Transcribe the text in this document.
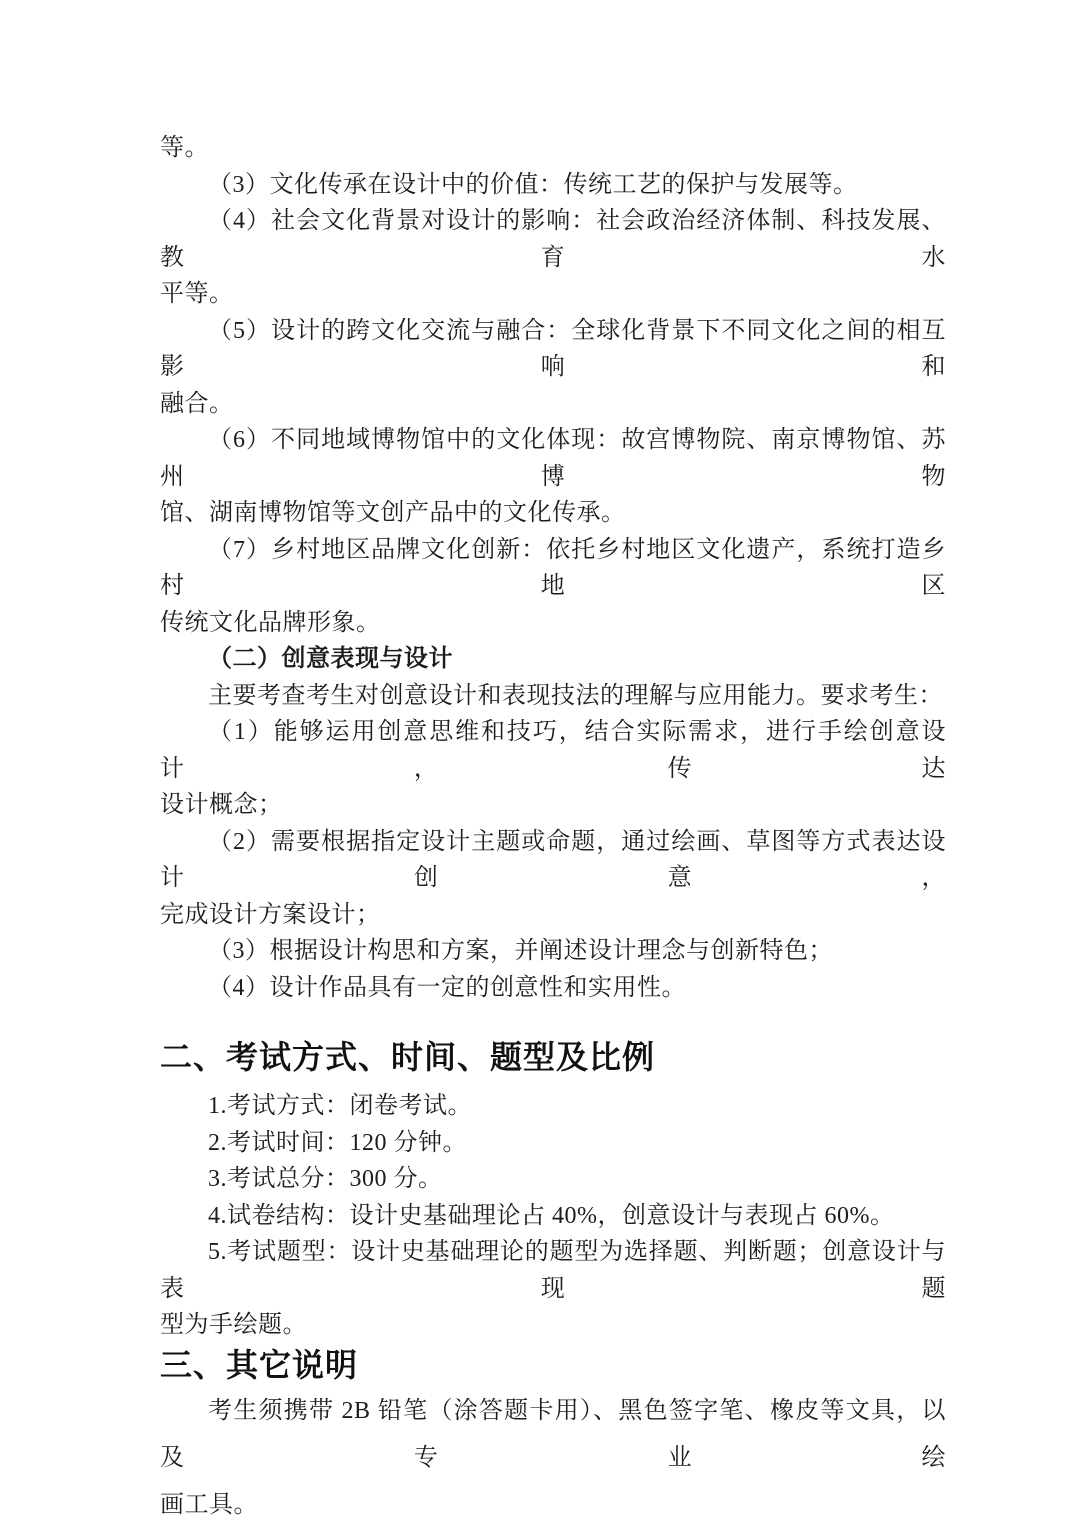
等。
（3）文化传承在设计中的价值：传统工艺的保护与发展等。
（4）社会文化背景对设计的影响：社会政治经济体制、科技发展、教育水
平等。
（5）设计的跨文化交流与融合：全球化背景下不同文化之间的相互影响和
融合。
（6）不同地域博物馆中的文化体现：故宫博物院、南京博物馆、苏州博物
馆、湖南博物馆等文创产品中的文化传承。
（7）乡村地区品牌文化创新：依托乡村地区文化遗产，系统打造乡村地区
传统文化品牌形象。
（二）创意表现与设计
主要考查考生对创意设计和表现技法的理解与应用能力。要求考生：
（1）能够运用创意思维和技巧，结合实际需求，进行手绘创意设计，传达
设计概念；
（2）需要根据指定设计主题或命题，通过绘画、草图等方式表达设计创意，
完成设计方案设计；
（3）根据设计构思和方案，并阐述设计理念与创新特色；
（4）设计作品具有一定的创意性和实用性。
二、考试方式、时间、题型及比例
1.考试方式：闭卷考试。
2.考试时间：120 分钟。
3.考试总分：300 分。
4.试卷结构：设计史基础理论占 40%，创意设计与表现占 60%。
5.考试题型：设计史基础理论的题型为选择题、判断题；创意设计与表现题
型为手绘题。
三、其它说明
考生须携带 2B 铅笔（涂答题卡用）、黑色签字笔、橡皮等文具，以及专业绘
画工具。
